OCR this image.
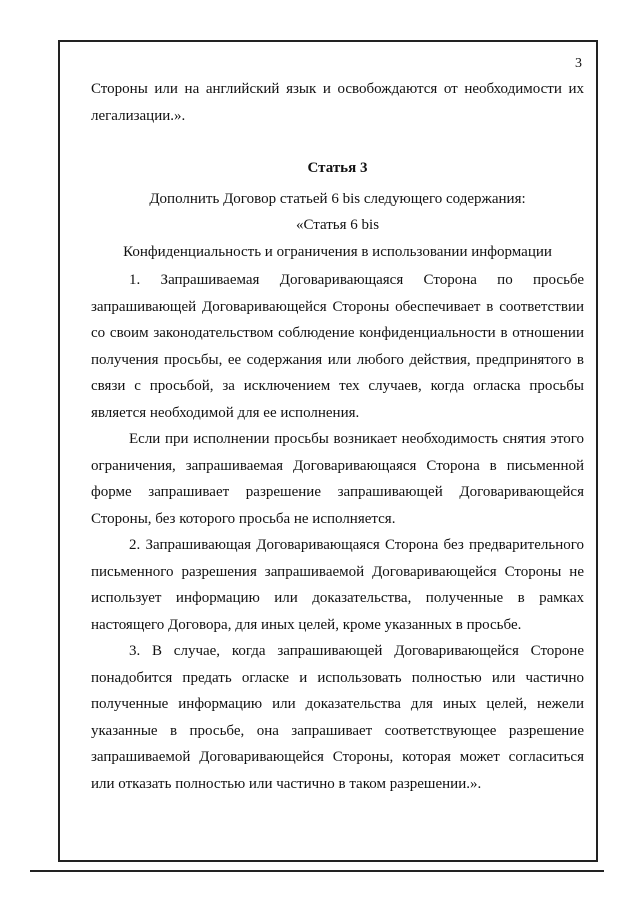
3

Стороны или на английский язык и освобождаются от необходимости их легализации.».

Статья 3

Дополнить Договор статьей 6 bis следующего содержания:

«Статья 6 bis

Конфиденциальность и ограничения в использовании информации

1. Запрашиваемая Договаривающаяся Сторона по просьбе запрашивающей Договаривающейся Стороны обеспечивает в соответствии со своим законодательством соблюдение конфиденциальности в отношении получения просьбы, ее содержания или любого действия, предпринятого в связи с просьбой, за исключением тех случаев, когда огласка просьбы является необходимой для ее исполнения.

Если при исполнении просьбы возникает необходимость снятия этого ограничения, запрашиваемая Договаривающаяся Сторона в письменной форме запрашивает разрешение запрашивающей Договаривающейся Стороны, без которого просьба не исполняется.

2. Запрашивающая Договаривающаяся Сторона без предварительного письменного разрешения запрашиваемой Договаривающейся Стороны не использует информацию или доказательства, полученные в рамках настоящего Договора, для иных целей, кроме указанных в просьбе.

3. В случае, когда запрашивающей Договаривающейся Стороне понадобится предать огласке и использовать полностью или частично полученные информацию или доказательства для иных целей, нежели указанные в просьбе, она запрашивает соответствующее разрешение запрашиваемой Договаривающейся Стороны, которая может согласиться или отказать полностью или частично в таком разрешении.».
